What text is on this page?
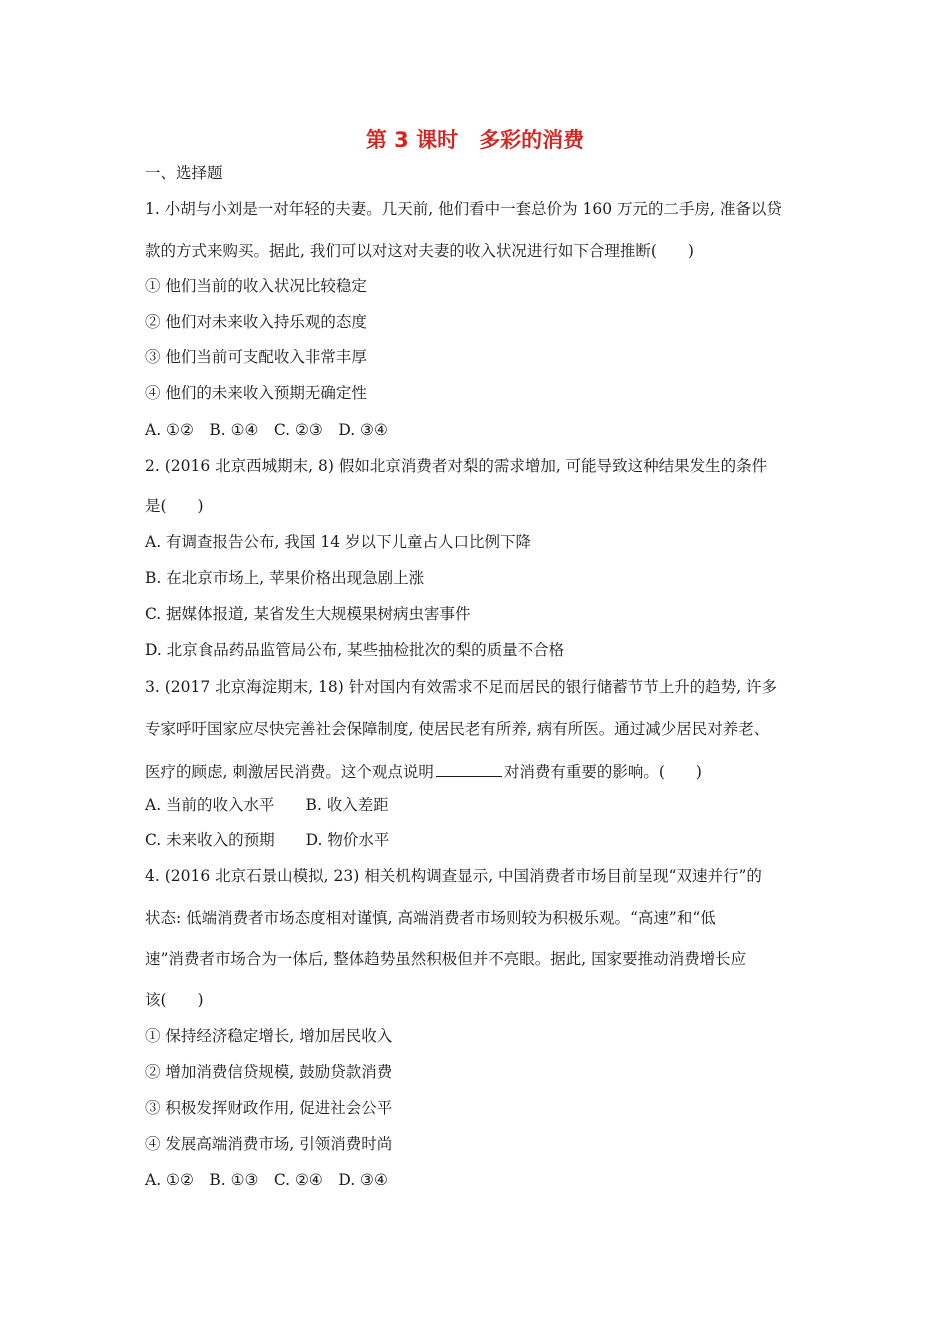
第 3 课时　多彩的消费
一、选择题
1. 小胡与小刘是一对年轻的夫妻。几天前, 他们看中一套总价为 160 万元的二手房, 准备以贷
款的方式来购买。据此, 我们可以对这对夫妻的收入状况进行如下合理推断(　　)
① 他们当前的收入状况比较稳定
② 他们对未来收入持乐观的态度
③ 他们当前可支配收入非常丰厚
④ 他们的未来收入预期无确定性
A. ①②　B. ①④　C. ②③　D. ③④
2. (2016 北京西城期末, 8) 假如北京消费者对梨的需求增加, 可能导致这种结果发生的条件
是(　　)
A. 有调查报告公布, 我国 14 岁以下儿童占人口比例下降
B. 在北京市场上, 苹果价格出现急剧上涨
C. 据媒体报道, 某省发生大规模果树病虫害事件
D. 北京食品药品监管局公布, 某些抽检批次的梨的质量不合格
3. (2017 北京海淀期末, 18) 针对国内有效需求不足而居民的银行储蓄节节上升的趋势, 许多
专家呼吁国家应尽快完善社会保障制度, 使居民老有所养, 病有所医。通过减少居民对养老、
医疗的顾虑, 刺激居民消费。这个观点说明	对消费有重要的影响。(　　)
A. 当前的收入水平　　B. 收入差距
C. 未来收入的预期　　D. 物价水平
4. (2016 北京石景山模拟, 23) 相关机构调查显示, 中国消费者市场目前呈现“双速并行”的
状态: 低端消费者市场态度相对谨慎, 高端消费者市场则较为积极乐观。“高速”和“低
速”消费者市场合为一体后, 整体趋势虽然积极但并不亮眼。据此, 国家要推动消费增长应
该(　　)
① 保持经济稳定增长, 增加居民收入
② 增加消费信贷规模, 鼓励贷款消费
③ 积极发挥财政作用, 促进社会公平
④ 发展高端消费市场, 引领消费时尚
A. ①②　B. ①③　C. ②④　D. ③④
